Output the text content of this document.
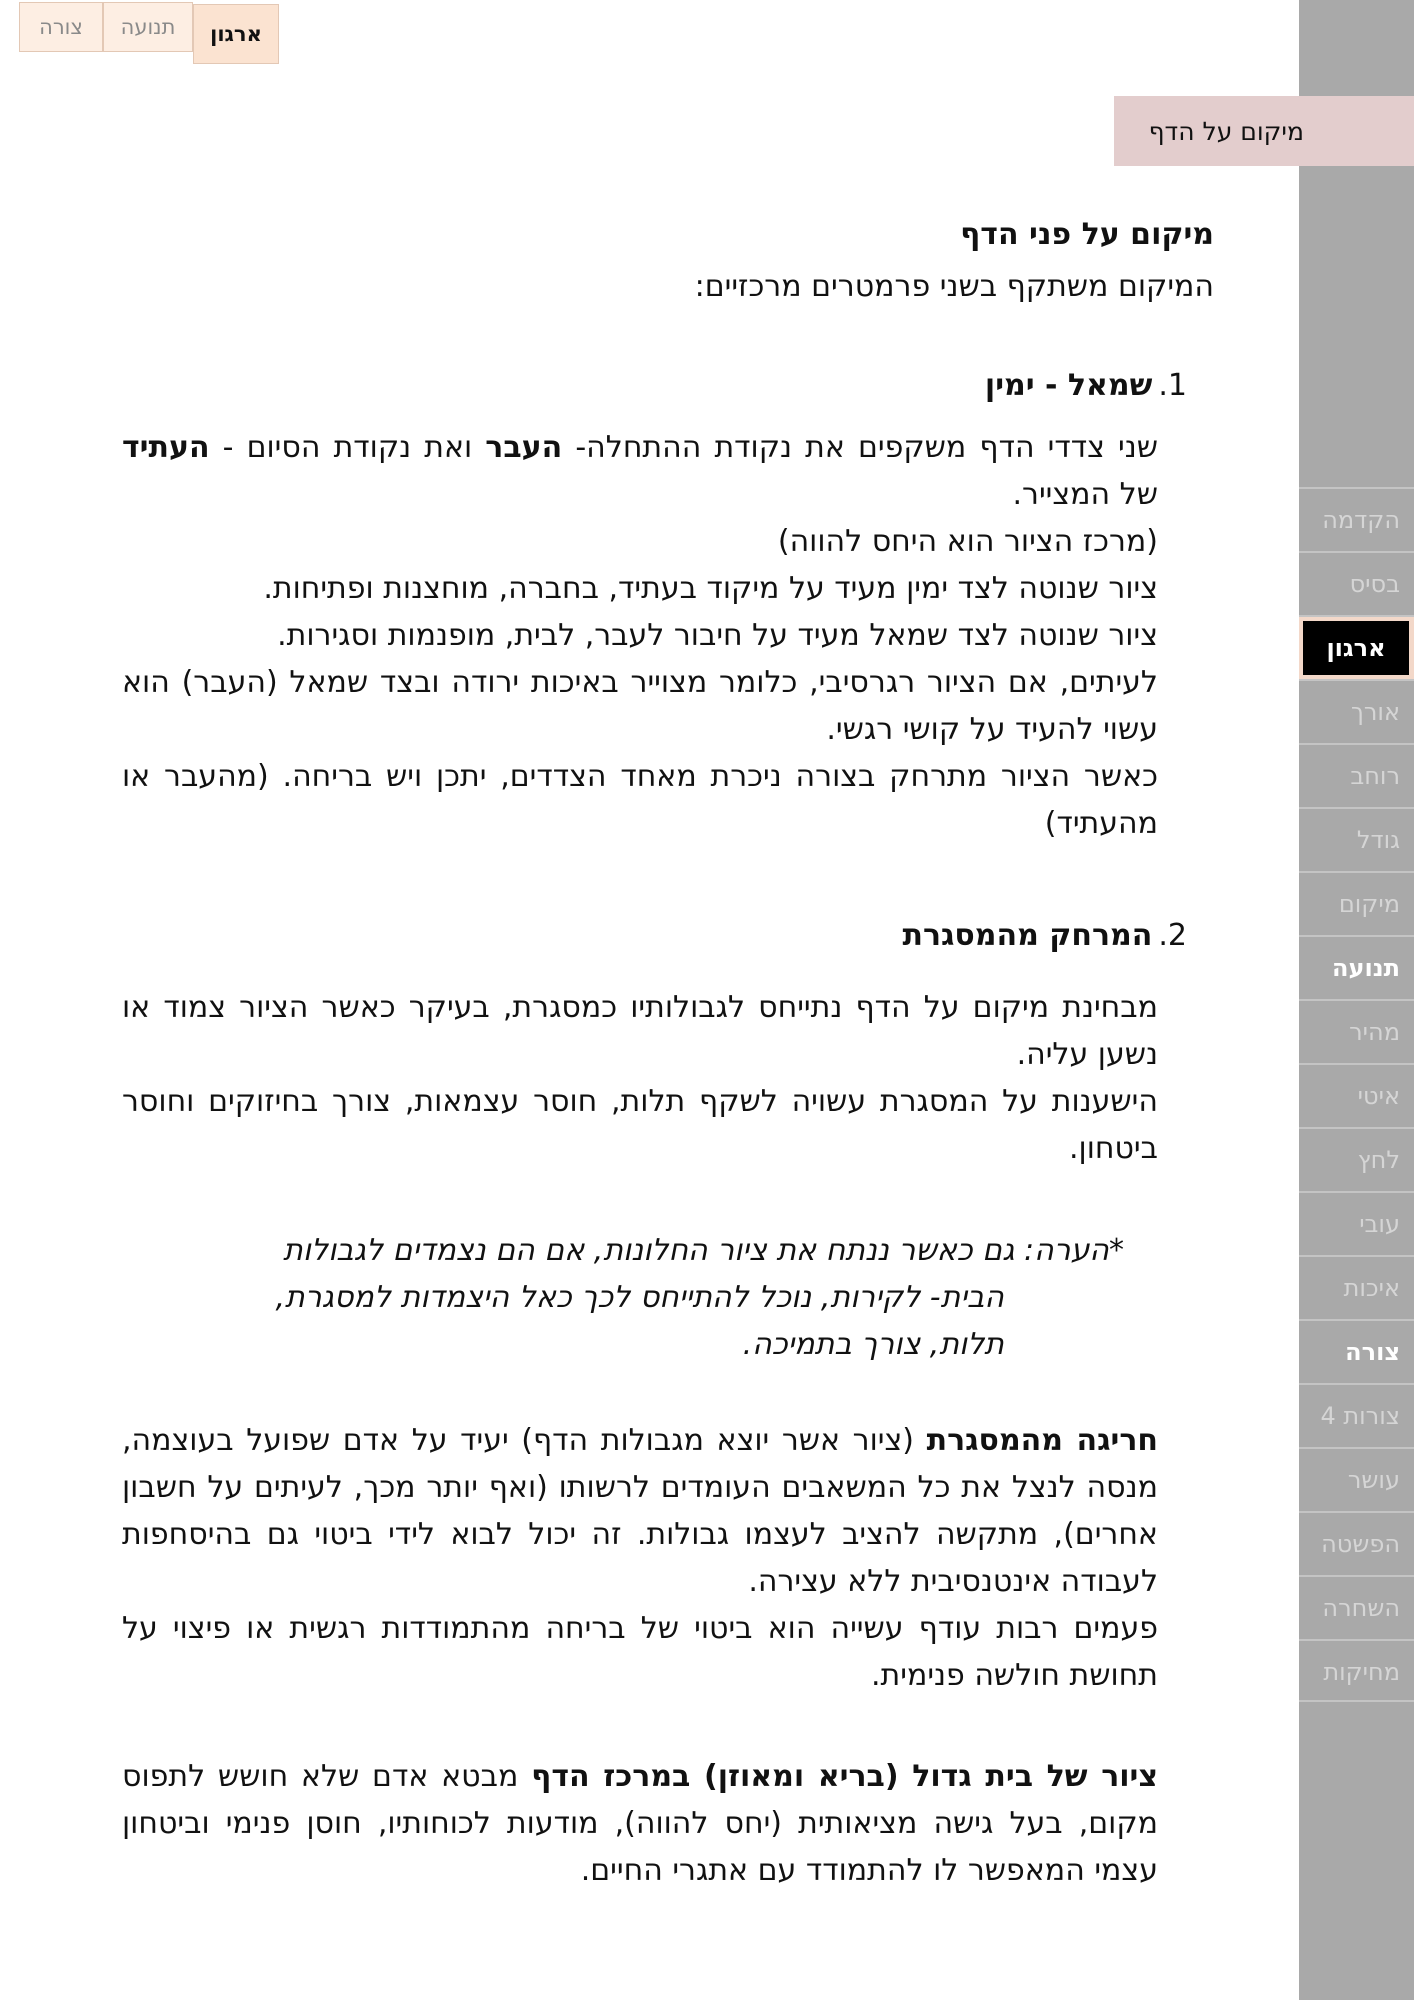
צורה	תנועה	ארגון
הקדמה
בסיס
ארגון
אורך
רוחב
גודל
מיקום
תנועה
מהיר
איטי
לחץ
עובי
איכות
צורה
4 צורות
עושר
הפשטה
השחרה
מחיקות
מיקום על הדף
מיקום על פני הדף
המיקום משתקף בשני פרמטרים מרכזיים:
1.
שמאל - ימין
שני צדדי הדף משקפים את נקודת ההתחלה- העבר ואת נקודת הסיום - העתיד של המצייר.
(מרכז הציור הוא היחס להווה)
ציור שנוטה לצד ימין מעיד על מיקוד בעתיד, בחברה, מוחצנות ופתיחות.
ציור שנוטה לצד שמאל מעיד על חיבור לעבר, לבית, מופנמות וסגירות.
לעיתים, אם הציור רגרסיבי, כלומר מצוייר באיכות ירודה ובצד שמאל (העבר) הוא עשוי להעיד על קושי רגשי.
כאשר הציור מתרחק בצורה ניכרת מאחד הצדדים, יתכן ויש בריחה. (מהעבר או מהעתיד)
2.
המרחק מהמסגרת
מבחינת מיקום על הדף נתייחס לגבולותיו כמסגרת, בעיקר כאשר הציור צמוד או נשען עליה.
הישענות על המסגרת עשויה לשקף תלות, חוסר עצמאות, צורך בחיזוקים וחוסר ביטחון.
*הערה: גם כאשר ננתח את ציור החלונות, אם הם נצמדים לגבולות
הבית- לקירות, נוכל להתייחס לכך כאל היצמדות למסגרת,
תלות, צורך בתמיכה.
חריגה מהמסגרת (ציור אשר יוצא מגבולות הדף) יעיד על אדם שפועל בעוצמה, מנסה לנצל את כל המשאבים העומדים לרשותו (ואף יותר מכך, לעיתים על חשבון אחרים), מתקשה להציב לעצמו גבולות. זה יכול לבוא לידי ביטוי גם בהיסחפות לעבודה אינטנסיבית ללא עצירה.
פעמים רבות עודף עשייה הוא ביטוי של בריחה מהתמודדות רגשית או פיצוי על תחושת חולשה פנימית.
ציור של בית גדול (בריא ומאוזן) במרכז הדף מבטא אדם שלא חושש לתפוס מקום, בעל גישה מציאותית (יחס להווה), מודעות לכוחותיו, חוסן פנימי וביטחון עצמי המאפשר לו להתמודד עם אתגרי החיים.
